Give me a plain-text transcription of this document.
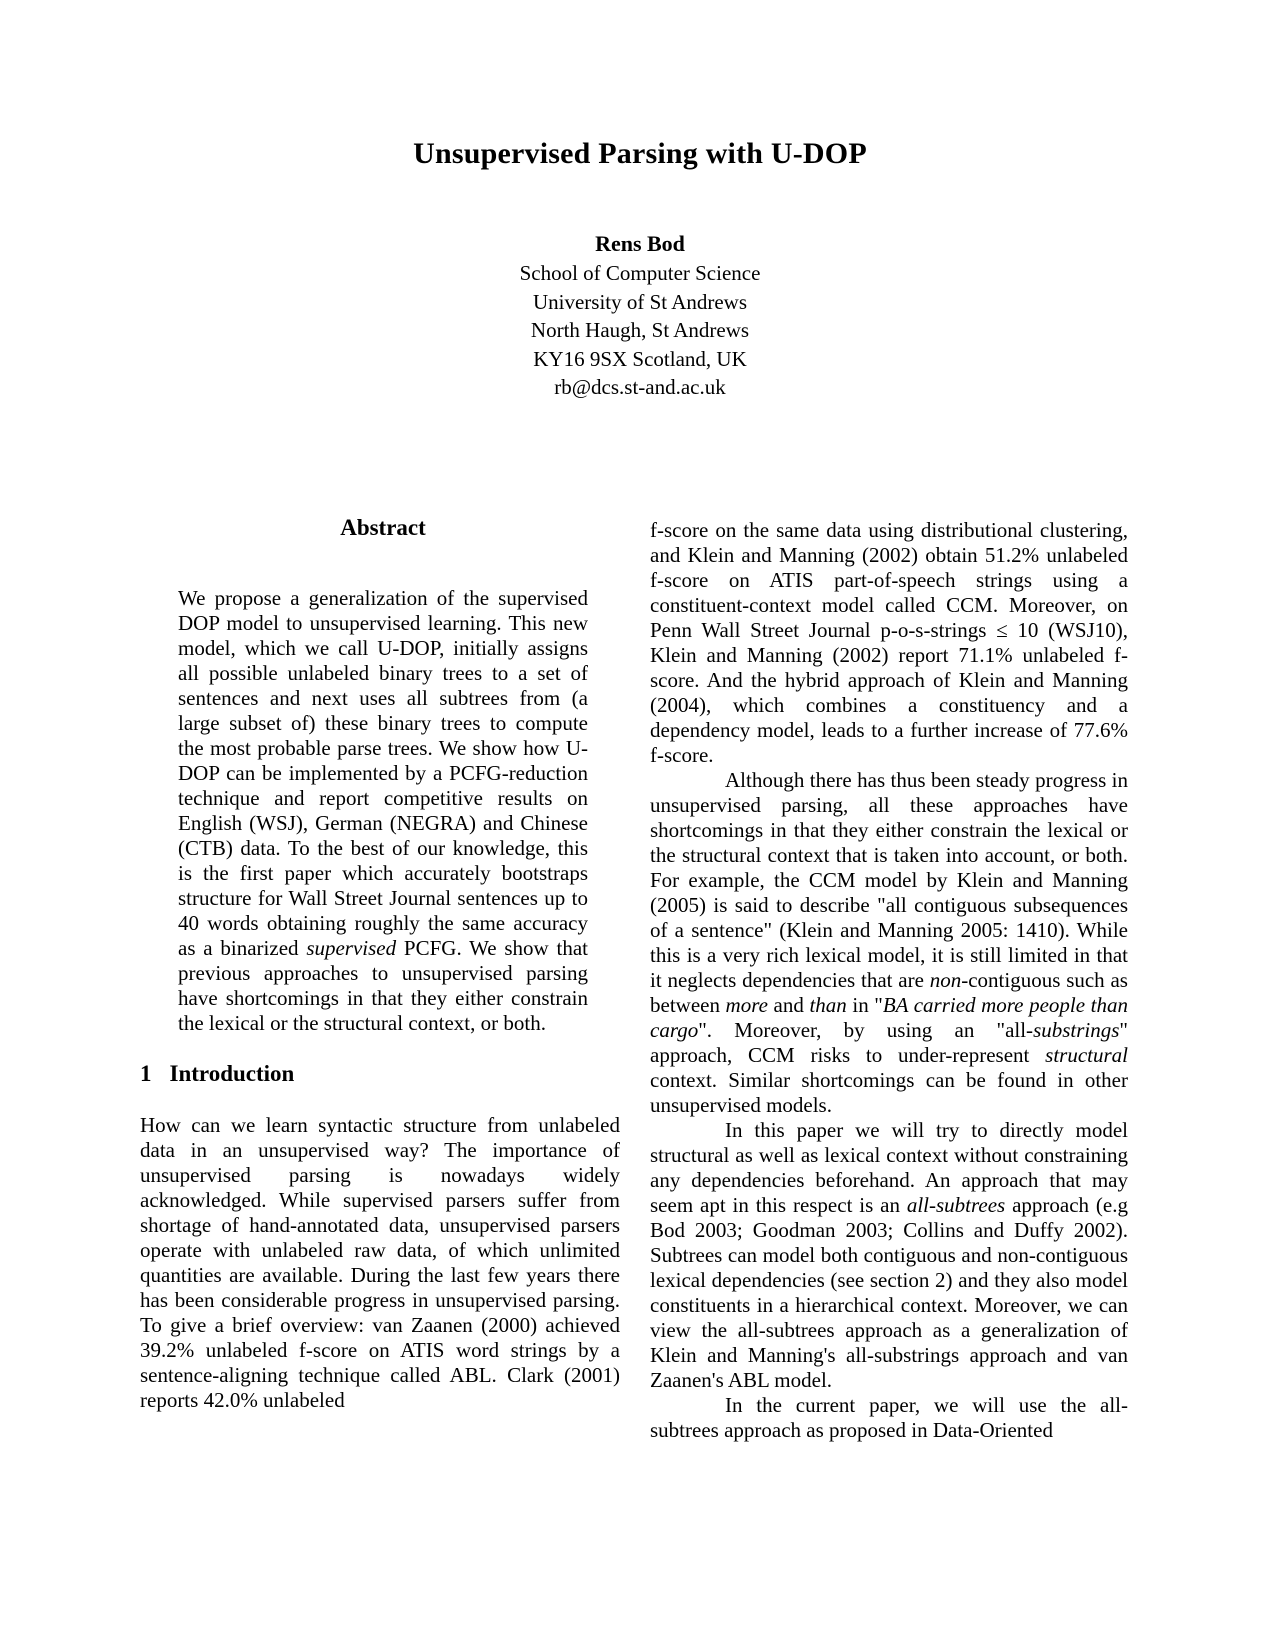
Unsupervised Parsing with U-DOP
Rens Bod
School of Computer Science
University of St Andrews
North Haugh, St Andrews
KY16 9SX Scotland, UK
rb@dcs.st-and.ac.uk
Abstract
We propose a generalization of the supervised DOP model to unsupervised learning. This new model, which we call U-DOP, initially assigns all possible unlabeled binary trees to a set of sentences and next uses all subtrees from (a large subset of) these binary trees to compute the most probable parse trees. We show how U-DOP can be implemented by a PCFG-reduction technique and report competitive results on English (WSJ), German (NEGRA) and Chinese (CTB) data. To the best of our knowledge, this is the first paper which accurately bootstraps structure for Wall Street Journal sentences up to 40 words obtaining roughly the same accuracy as a binarized supervised PCFG. We show that previous approaches to unsupervised parsing have shortcomings in that they either constrain the lexical or the structural context, or both.
1 Introduction

How can we learn syntactic structure from unlabeled data in an unsupervised way? The importance of unsupervised parsing is nowadays widely acknowledged. While supervised parsers suffer from shortage of hand-annotated data, unsupervised parsers operate with unlabeled raw data, of which unlimited quantities are available. During the last few years there has been considerable progress in unsupervised parsing. To give a brief overview: van Zaanen (2000) achieved 39.2% unlabeled f-score on ATIS word strings by a sentence-aligning technique called ABL. Clark (2001) reports 42.0% unlabeled

f-score on the same data using distributional clustering, and Klein and Manning (2002) obtain 51.2% unlabeled f-score on ATIS part-of-speech strings using a constituent-context model called CCM. Moreover, on Penn Wall Street Journal p-o-s-strings ≤ 10 (WSJ10), Klein and Manning (2002) report 71.1% unlabeled f-score. And the hybrid approach of Klein and Manning (2004), which combines a constituency and a dependency model, leads to a further increase of 77.6% f-score.

Although there has thus been steady progress in unsupervised parsing, all these approaches have shortcomings in that they either constrain the lexical or the structural context that is taken into account, or both. For example, the CCM model by Klein and Manning (2005) is said to describe "all contiguous subsequences of a sentence" (Klein and Manning 2005: 1410). While this is a very rich lexical model, it is still limited in that it neglects dependencies that are non-contiguous such as between more and than in "BA carried more people than cargo". Moreover, by using an "all-substrings" approach, CCM risks to under-represent structural context. Similar shortcomings can be found in other unsupervised models.

In this paper we will try to directly model structural as well as lexical context without constraining any dependencies beforehand. An approach that may seem apt in this respect is an all-subtrees approach (e.g Bod 2003; Goodman 2003; Collins and Duffy 2002). Subtrees can model both contiguous and non-contiguous lexical dependencies (see section 2) and they also model constituents in a hierarchical context. Moreover, we can view the all-subtrees approach as a generalization of Klein and Manning's all-substrings approach and van Zaanen's ABL model.

In the current paper, we will use the all-subtrees approach as proposed in Data-Oriented
